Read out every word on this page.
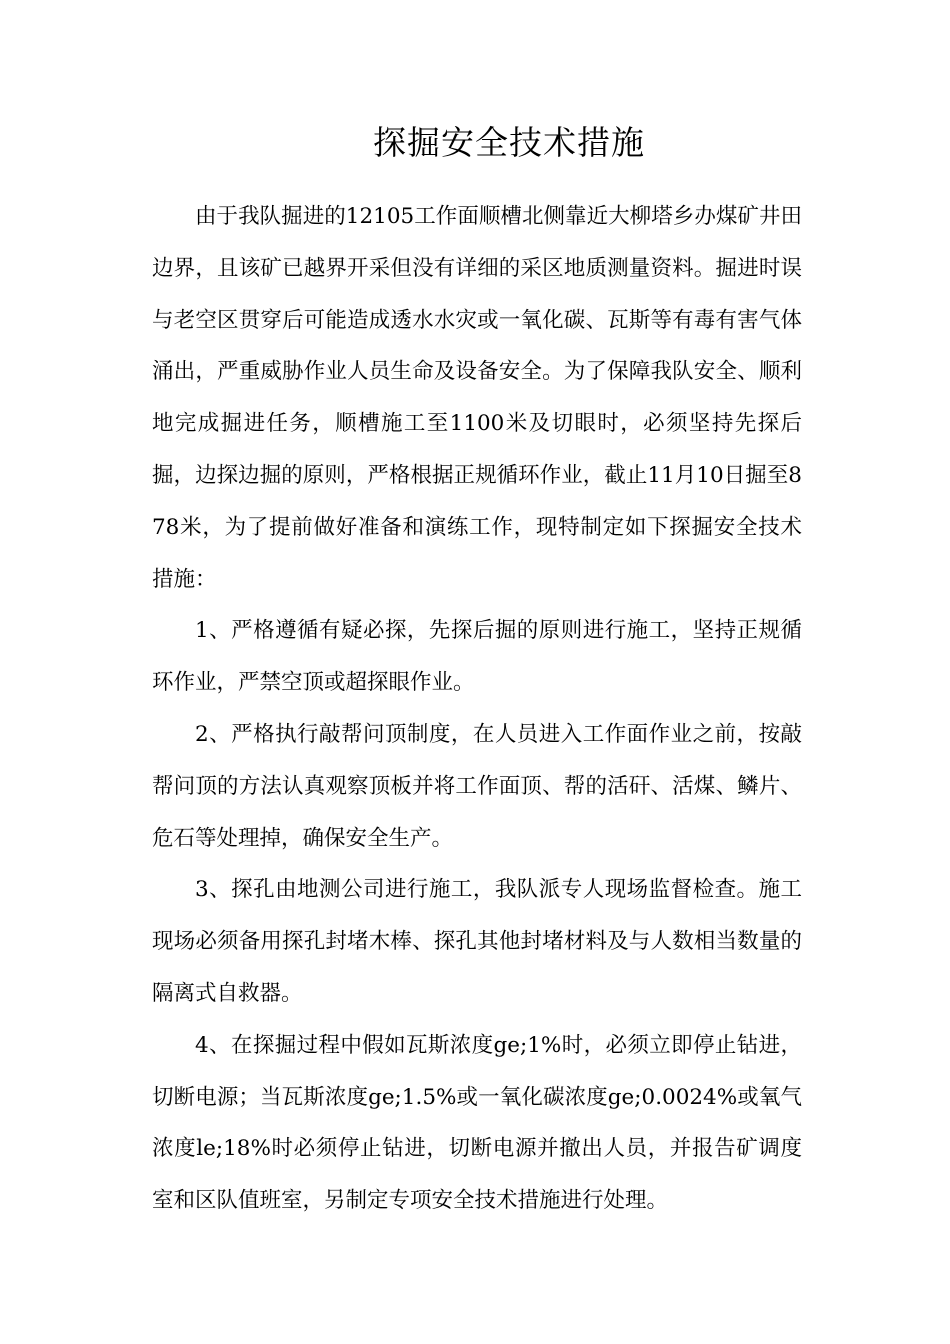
探掘安全技术措施

由于我队掘进的12105工作面顺槽北侧靠近大柳塔乡办煤矿井田边界，且该矿已越界开采但没有详细的采区地质测量资料。掘进时误与老空区贯穿后可能造成透水水灾或一氧化碳、瓦斯等有毒有害气体涌出，严重威胁作业人员生命及设备安全。为了保障我队安全、顺利地完成掘进任务，顺槽施工至1100米及切眼时，必须坚持先探后掘，边探边掘的原则，严格根据正规循环作业，截止11月10日掘至878米，为了提前做好准备和演练工作，现特制定如下探掘安全技术措施：

1、严格遵循有疑必探，先探后掘的原则进行施工，坚持正规循环作业，严禁空顶或超探眼作业。

2、严格执行敲帮问顶制度，在人员进入工作面作业之前，按敲帮问顶的方法认真观察顶板并将工作面顶、帮的活矸、活煤、鳞片、危石等处理掉，确保安全生产。

3、探孔由地测公司进行施工，我队派专人现场监督检查。施工现场必须备用探孔封堵木棒、探孔其他封堵材料及与人数相当数量的隔离式自救器。

4、在探掘过程中假如瓦斯浓度ge;1%时，必须立即停止钻进，切断电源；当瓦斯浓度ge;1.5%或一氧化碳浓度ge;0.0024%或氧气浓度le;18%时必须停止钻进，切断电源并撤出人员，并报告矿调度室和区队值班室，另制定专项安全技术措施进行处理。
